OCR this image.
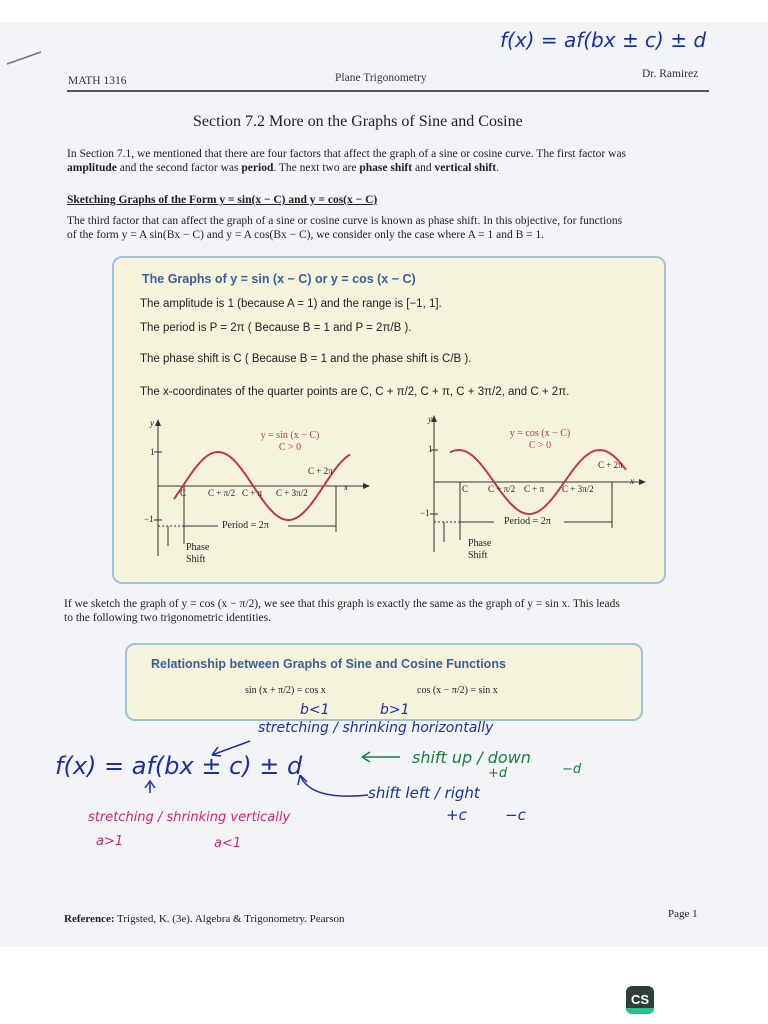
f(x) = af(bx ± c) ± d
MATH 1316	Plane Trigonometry	Dr. Ramirez
Section 7.2 More on the Graphs of Sine and Cosine
In Section 7.1, we mentioned that there are four factors that affect the graph of a sine or cosine curve. The first factor was
amplitude and the second factor was period. The next two are phase shift and vertical shift.
Sketching Graphs of the Form y = sin(x − C) and y = cos(x − C)
The third factor that can affect the graph of a sine or cosine curve is known as phase shift. In this objective, for functions
of the form y = A sin(Bx − C) and y = A cos(Bx − C), we consider only the case where A = 1 and B = 1.
The Graphs of y = sin (x − C) or y = cos (x − C)
The amplitude is 1 (because A = 1) and the range is [−1, 1].
The period is P = 2π ( Because B = 1 and P = 2π/B ).
The phase shift is C ( Because B = 1 and the phase shift is C/B ).
The x-coordinates of the quarter points are C, C + π/2, C + π, C + 3π/2, and C + 2π.
y
1
−1
y = sin (x − C)
C > 0
C + 2π
x
C C + π/2 C + π C + 3π/2
Period = 2π
Phase
Shift
y
1
−1
y = cos (x − C)
C > 0
C + 2π
x
C C + π/2 C + π C + 3π/2
Period = 2π
Phase
Shift
If we sketch the graph of y = cos (x − π/2), we see that this graph is exactly the same as the graph of y = sin x. This leads
to the following two trigonometric identities.
Relationship between Graphs of Sine and Cosine Functions
sin (x + π/2) = cos x	cos (x − π/2) = sin x
b<1	b>1
stretching / shrinking horizontally
f(x) = af(bx ± c) ± d	shift up / down
+d	−d
shift left / right
+c	−c
stretching / shrinking vertically
a>1	a<1
Reference: Trigsted, K. (3e). Algebra & Trigonometry. Pearson	Page 1
CS
